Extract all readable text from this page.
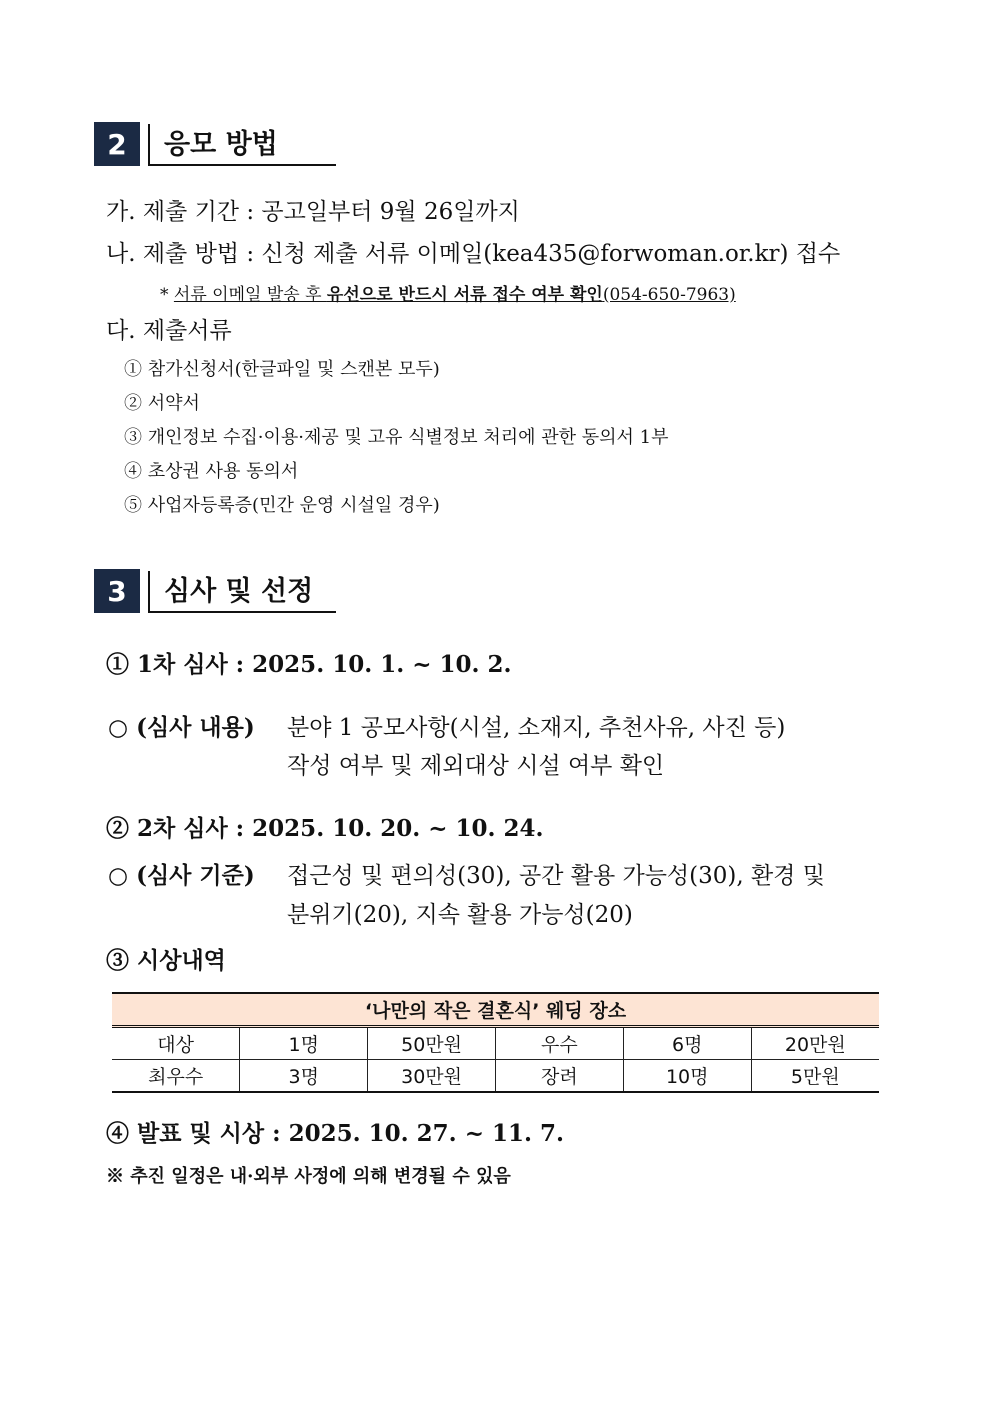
2	응모 방법
가. 제출 기간 : 공고일부터 9월 26일까지
나. 제출 방법 : 신청 제출 서류 이메일(kea435@forwoman.or.kr) 접수
* 서류 이메일 발송 후 유선으로 반드시 서류 접수 여부 확인(054-650-7963)
다. 제출서류
① 참가신청서(한글파일 및 스캔본 모두)
② 서약서
③ 개인정보 수집·이용·제공 및 고유 식별정보 처리에 관한 동의서 1부
④ 초상권 사용 동의서
⑤ 사업자등록증(민간 운영 시설일 경우)
3	심사 및 선정
① 1차 심사 : 2025. 10. 1. ~ 10. 2.
○ (심사 내용) 분야 1 공모사항(시설, 소재지, 추천사유, 사진 등)
작성 여부 및 제외대상 시설 여부 확인
② 2차 심사 : 2025. 10. 20. ~ 10. 24.
○ (심사 기준) 접근성 및 편의성(30), 공간 활용 가능성(30), 환경 및
분위기(20), 지속 활용 가능성(20)
③ 시상내역
‘나만의 작은 결혼식’ 웨딩 장소					
대상	1명	50만원	우수	6명	20만원
최우수	3명	30만원	장려	10명	5만원
④ 발표 및 시상 : 2025. 10. 27. ~ 11. 7.
※ 추진 일정은 내·외부 사정에 의해 변경될 수 있음
